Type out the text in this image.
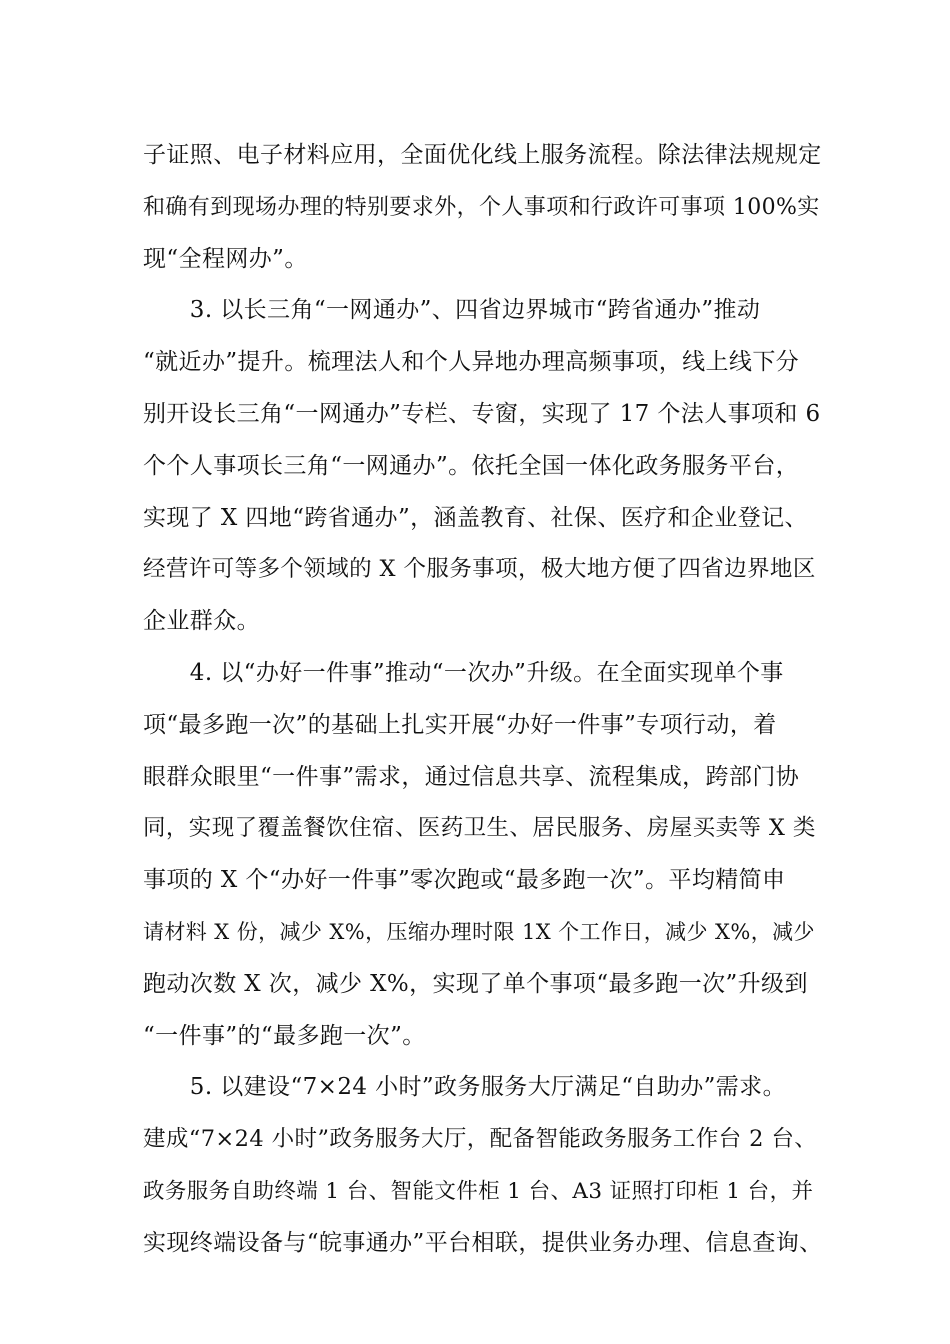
子证照、电子材料应用，全面优化线上服务流程。除法律法规规定

和确有到现场办理的特别要求外，个人事项和行政许可事项 100%实

现“全程网办”。

　　3. 以长三角“一网通办”、四省边界城市“跨省通办”推动

“就近办”提升。梳理法人和个人异地办理高频事项，线上线下分

别开设长三角“一网通办”专栏、专窗，实现了 17 个法人事项和 6

个个人事项长三角“一网通办”。依托全国一体化政务服务平台，

实现了 X 四地“跨省通办”，涵盖教育、社保、医疗和企业登记、

经营许可等多个领域的 X 个服务事项，极大地方便了四省边界地区

企业群众。

　　4. 以“办好一件事”推动“一次办”升级。在全面实现单个事

项“最多跑一次”的基础上扎实开展“办好一件事”专项行动，着

眼群众眼里“一件事”需求，通过信息共享、流程集成，跨部门协

同，实现了覆盖餐饮住宿、医药卫生、居民服务、房屋买卖等 X 类

事项的 X 个“办好一件事”零次跑或“最多跑一次”。平均精简申

请材料 X 份，减少 X%，压缩办理时限 1X 个工作日，减少 X%，减少

跑动次数 X 次，减少 X%，实现了单个事项“最多跑一次”升级到

“一件事”的“最多跑一次”。

　　5. 以建设“7×24 小时”政务服务大厅满足“自助办”需求。

建成“7×24 小时”政务服务大厅，配备智能政务服务工作台 2 台、

政务服务自助终端 1 台、智能文件柜 1 台、A3 证照打印柜 1 台，并

实现终端设备与“皖事通办”平台相联，提供业务办理、信息查询、
